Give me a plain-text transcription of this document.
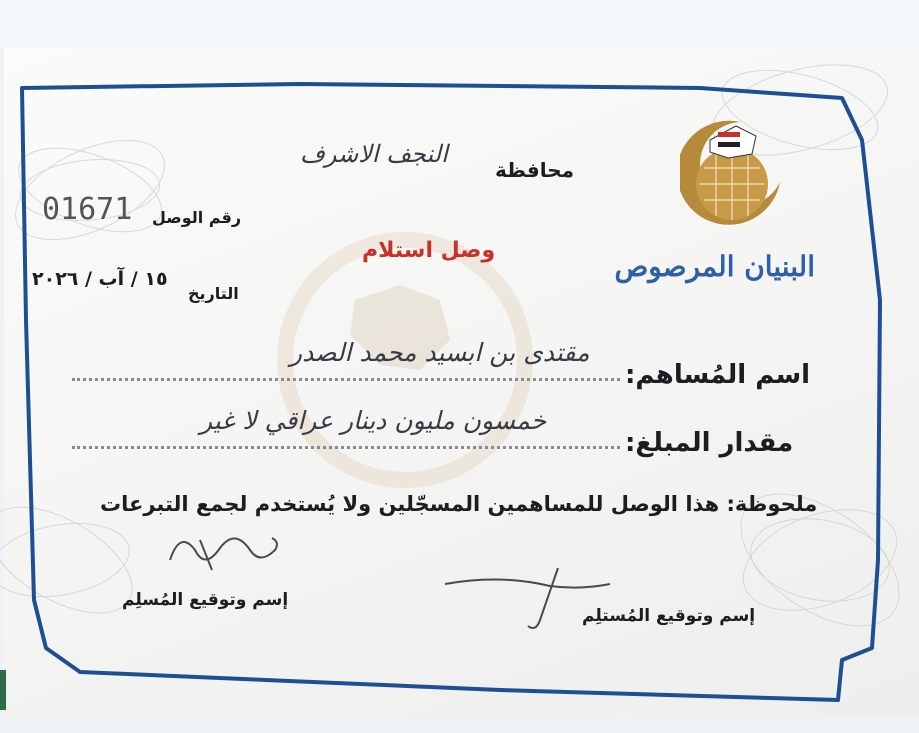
البنيان المرصوص
محافظة
النجف الاشرف
رقم الوصل
01671
وصل استلام
التاريخ
١٥ / آب / ٢٠٢٦
اسم المُساهم:
مقتدى بن ابسيد محمد الصدر
مقدار المبلغ:
خمسون مليون دينار عراقي لا غير
ملحوظة: هذا الوصل للمساهمين المسجّلين ولا يُستخدم لجمع التبرعات
إسم وتوقيع المُسلِم
إسم وتوقيع المُستلِم
